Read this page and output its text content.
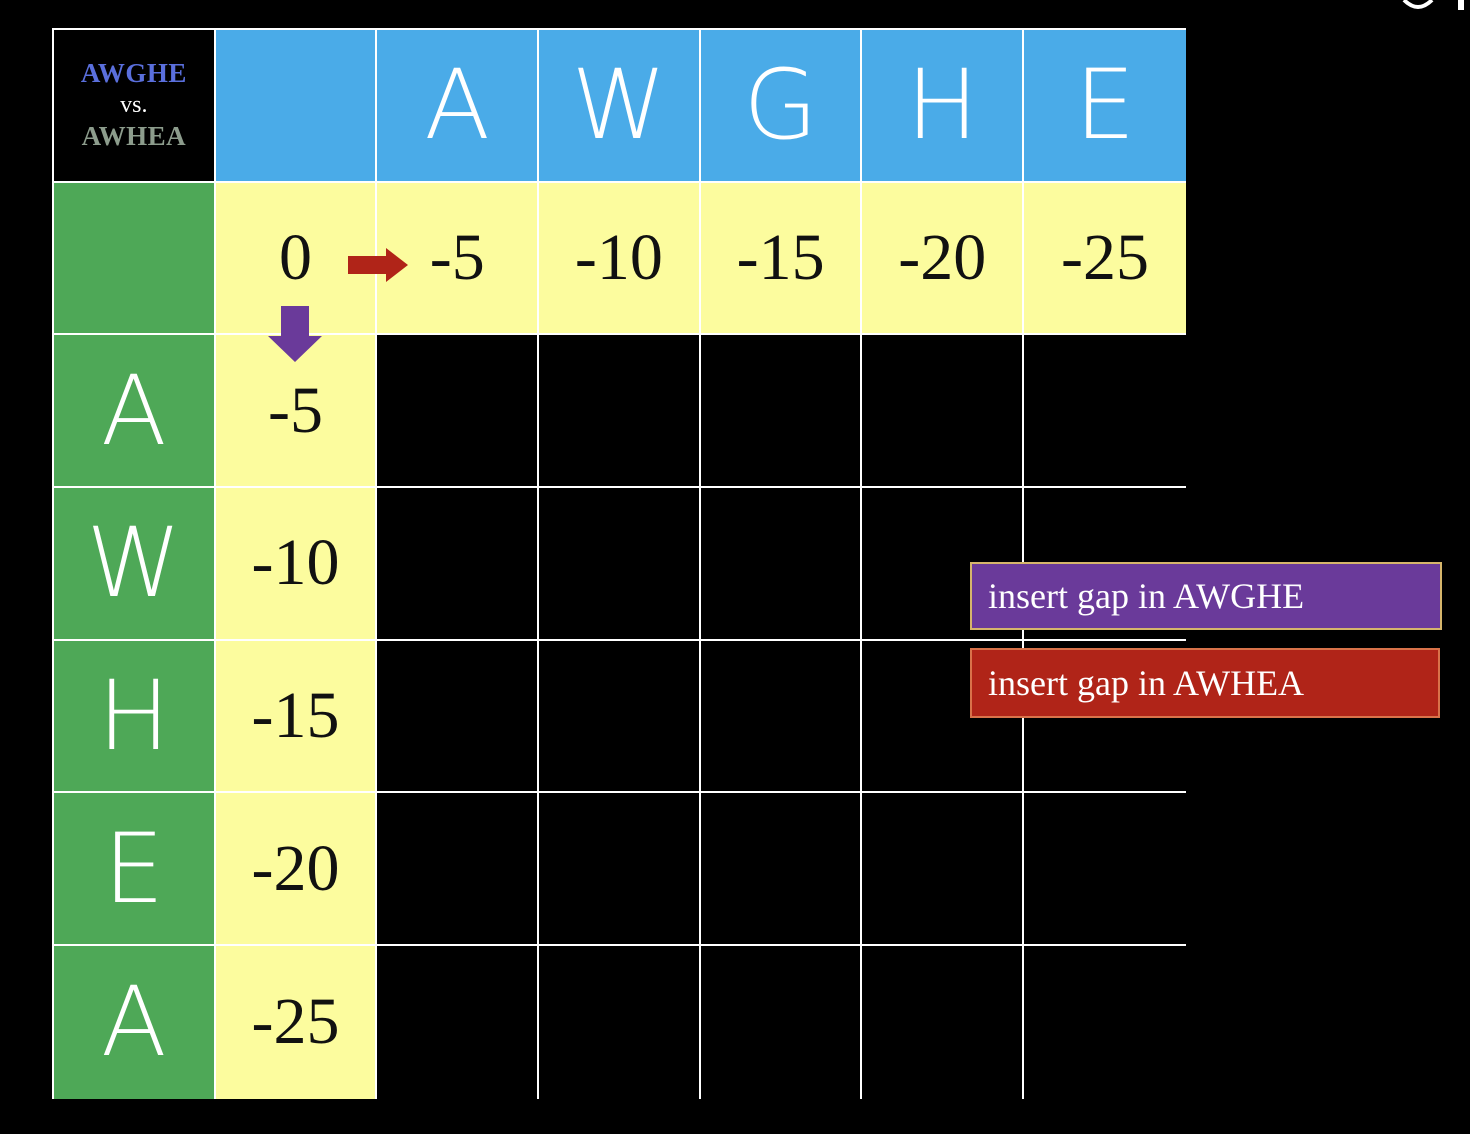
AWGHE
vs.
AWHEA A W G H E
0 -5 -10 -15 -20 -25
A -5
W -10
H -15
E -20
A -25
insert gap in AWGHE
insert gap in AWHEA
